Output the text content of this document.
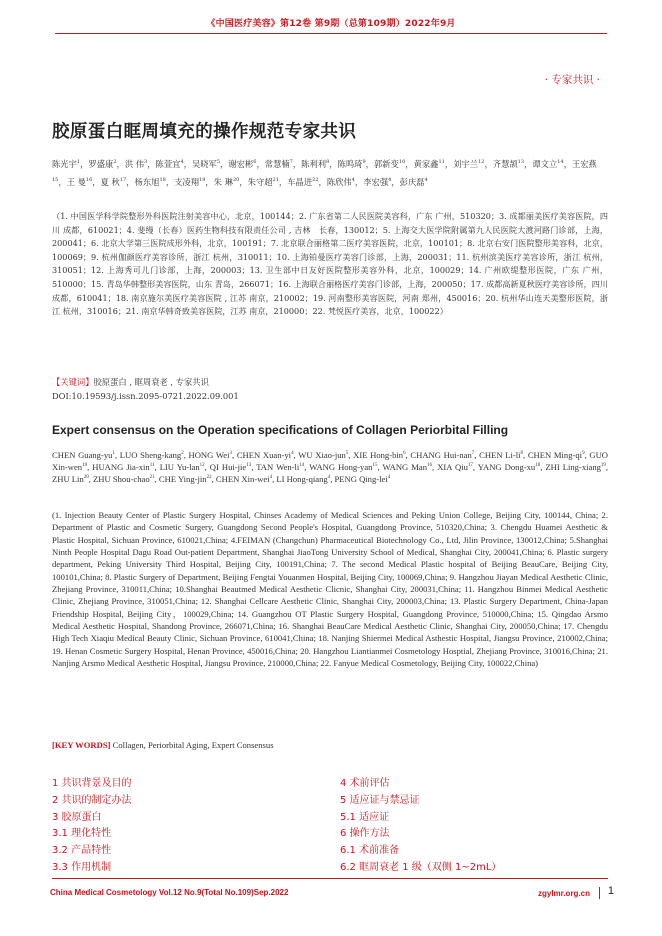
《中国医疗美容》第12卷 第9期（总第109期）2022年9月
· 专家共识 ·
胶原蛋白眶周填充的操作规范专家共识
陈光宇$^1$，罗盛康$^2$，洪 伟$^3$，陈萱宜$^4$，吴晓军$^5$，谢宏彬$^6$，常慧楠$^7$，陈利利$^8$，陈鸣琦$^9$，郭新变$^{10}$，黄家鑫$^{11}$，刘宇兰$^{12}$，齐慧颉$^{13}$，谭文立$^{14}$，王宏燕$^{15}$，王 曼$^{16}$，夏 秋$^{17}$，杨东旭$^{18}$，支凌翔$^{19}$，朱 琳$^{20}$，朱守超$^{21}$，车晶进$^{22}$，陈欣伟$^4$，李宏强$^4$，彭庆磊$^4$
（1. 中国医学科学院整形外科医院注射美容中心，北京，100144；2. 广东省第二人民医院美容科，广东 广州，510320；3. 成都丽美医疗美容医院，四川 成都，610021；4. 斐缦（长春）医药生物科技有限责任公司 , 吉林　长春，130012；5. 上海交大医学院附属第九人民医院大渡河路门诊部，上海，200041；6. 北京大学第三医院成形外科，北京，100191；7. 北京联合丽格第二医疗美容医院，北京，100101；8. 北京右安门医院整形美容科，北京，100069；9. 杭州伽颜医疗美容诊所，浙江 杭州，310011；10. 上海铂曼医疗美容门诊部，上海，200031；11. 杭州滨美医疗美容诊所，浙江 杭州，310051；12. 上海秀可儿门诊部，上海，200003；13. 卫生部中日友好医院整形美容外科，北京，100029；14. 广州欧缇整形医院，广东 广州，510000；15. 青岛华韩整形美容医院，山东 青岛，266071；16. 上海联合丽格医疗美容门诊部，上海，200050；17. 成都高新夏秋医疗美容诊所，四川 成都，610041；18. 南京施尔美医疗美容医院 , 江苏 南京，210002；19. 河南整形美容医院，河南 郑州，450016；20. 杭州华山连天美整形医院，浙江 杭州，310016；21. 南京华韩奇致美容医院，江苏 南京，210000；22. 梵悦医疗美容，北京，100022）
【关键词】胶原蛋白 , 眶周衰老 , 专家共识
DOI:10.19593/j.issn.2095-0721.2022.09.001
Expert consensus on the Operation specifications of Collagen Periorbital Filling
CHEN Guang-$yu^1$, LUO Sheng-kang$^2$, HONG Wei$^3$, CHEN Xuan-$yi^4$, WU Xiao-jun$^5$, XIE Hong-bin$^6$, CHANG Hui-nan$^7$, CHEN $Li-li^8$, CHEN Ming-$qi^9$, GUO Xin-wen$^{10}$, HUANG Jia-xin$^{11}$, LIU Yu-lan$^{12}$, QI Hui-jie$^{13}$, TAN Wen-$li^{14}$, WANG Hong-yan$^{15}$, WANG Man$^{16}$, XIA Qiu$^{17}$, YANG Dong-$xu^{18}$, ZHI Ling-xiang$^{19}$, ZHU Lin$^{20}$, ZHU Shou-chao$^{21}$, CHE Ying-jin$^{22}$, CHEN Xin-wei$^4$, LI Hong-qiang$^4$, PENG Qing-lei$^4$
(1. Injection Beauty Center of Plastic Surgery Hospital, Chinses Academy of Medical Sciences and Peking Union College, Beijing City, 100144, China; 2. Department of Plastic and Cosmetic Surgery, Guangdong Second People's Hospital, Guangdong Province, 510320,China; 3. Chengdu Huamei Aesthetic & Plastic Hospital, Sichuan Province, 610021,China; 4.FEIMAN (Changchun) Pharmaceutical Biotechnology Co., Ltd, Jilin Province, 130012,China; 5.Shanghai Ninth People Hospital Dagu Road Out-patient Department, Shanghai JiaoTong University School of Medical, Shanghai City, 200041,China; 6. Plastic surgery department, Peking University Third Hospital, Beijing City, 100191,China; 7. The second Medical Plastic hospital of Beijing BeauCare, Beijing City, 100101,China; 8. Plastic Surgery of Department, Beijing Fengtai Youanmen Hospital, Beijing City, 100069,China; 9. Hangzhou Jiayan Medical Aesthetic Clinic, Zhejiang Province, 310011,China; 10.Shanghai Beautmed Medical Aesthetic Clicnic, Shanghai City, 200031,China; 11. Hangzhou Binmei Medical Aesthetic Clinic, Zhejiang Province, 310051,China; 12. Shanghai Cellcare Aesthetic Clinic, Shanghai City, 200003,China; 13. Plastic Surgery Department, China-Japan Friendship Hospital, Beijing City，100029,China; 14. Guangzhou OT Plastic Surgery Hospital, Guangdong Province, 510000,China; 15. Qingdao Arsmo Medical Aesthetic Hospital, Shandong Province, 266071,China; 16. Shanghai BeauCare Medical Aesthetic Clinic, Shanghai City, 200050,China; 17. Chengdu High Tech Xiaqiu Medical Beauty Clinic, Sichuan Province, 610041,China; 18. Nanjing Shiermei Medical Asthestic Hospital, Jiangsu Province, 210002,China; 19. Henan Cosmetic Surgery Hospital, Henan Province, 450016,China; 20. Hangzhou Liantianmei Cosmetology Hosptial, Zhejiang Province, 310016,China; 21. Nanjing Arsmo Medical Aesthetic Hospital, Jiangsu Province, 210000,China; 22. Fanyue Medical Cosmetology, Beijing City, 100022,China)
[KEY WORDS] Collagen, Periorbital Aging, Expert Consensus
1 共识背景及目的
2 共识的制定办法
3 胶原蛋白
3.1 理化特性
3.2 产品特性
3.3 作用机制
4 术前评估
5 适应证与禁忌证
5.1 适应证
6 操作方法
6.1 术前准备
6.2 眶周衰老 1 级（双侧 1~2mL）
China Medical Cosmetology Vol.12 No.9(Total No.109)Sep.2022	zgylmr.org.cn 1
